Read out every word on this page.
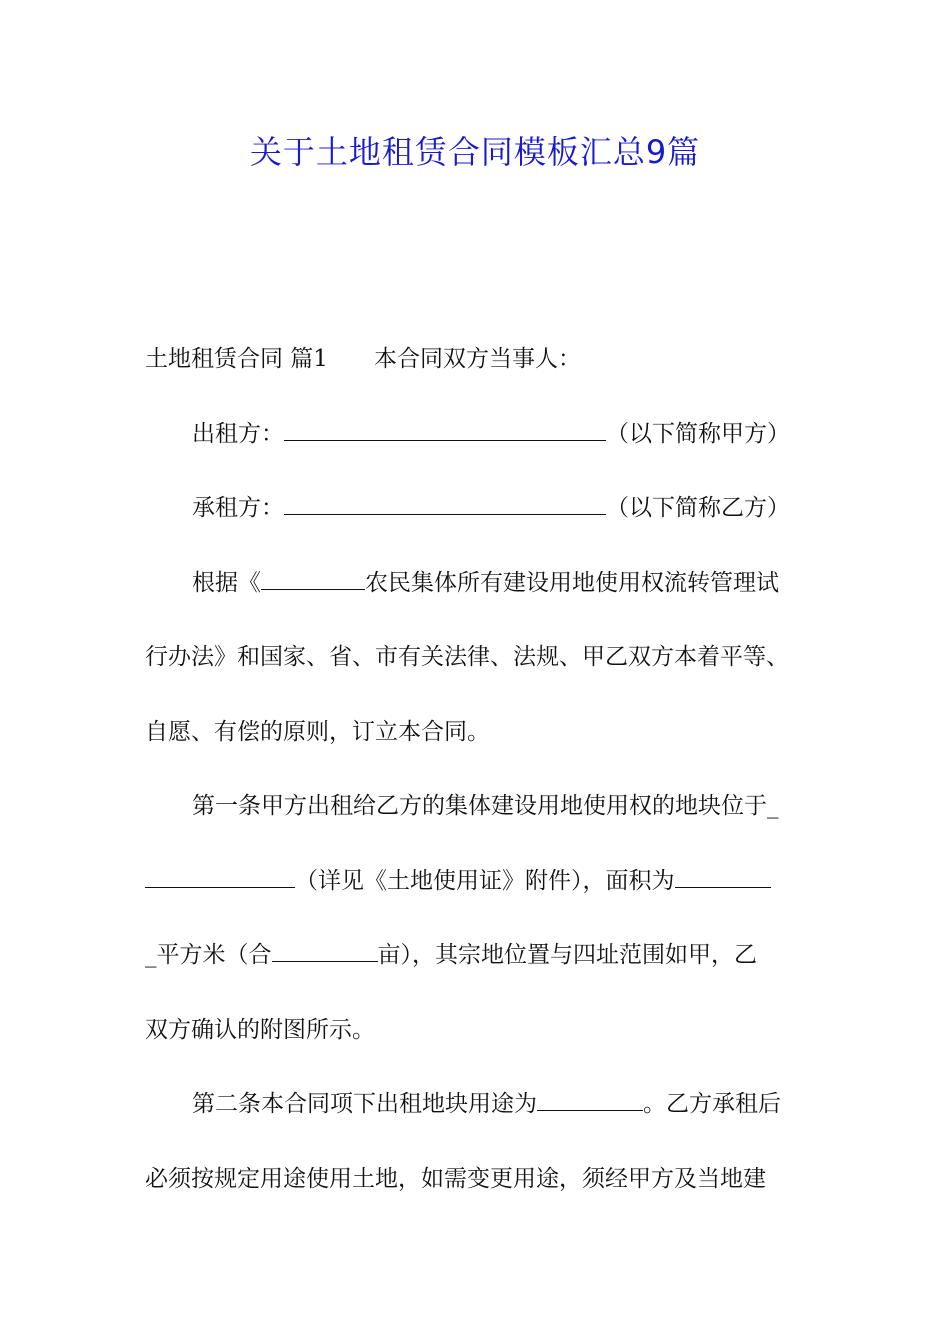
关于土地租赁合同模板汇总9篇
土地租赁合同 篇1 本合同双方当事人：
出租方：	（以下简称甲方）
承租方：	（以下简称乙方）
根据《	农民集体所有建设用地使用权流转管理试
行办法》和国家、省、市有关法律、法规、甲乙双方本着平等、
自愿、有偿的原则，订立本合同。
第一条甲方出租给乙方的集体建设用地使用权的地块位于_
（详见《土地使用证》附件），面积为
_平方米（合	亩），其宗地位置与四址范围如甲，乙
双方确认的附图所示。
第二条本合同项下出租地块用途为	。乙方承租后
必须按规定用途使用土地，如需变更用途，须经甲方及当地建
